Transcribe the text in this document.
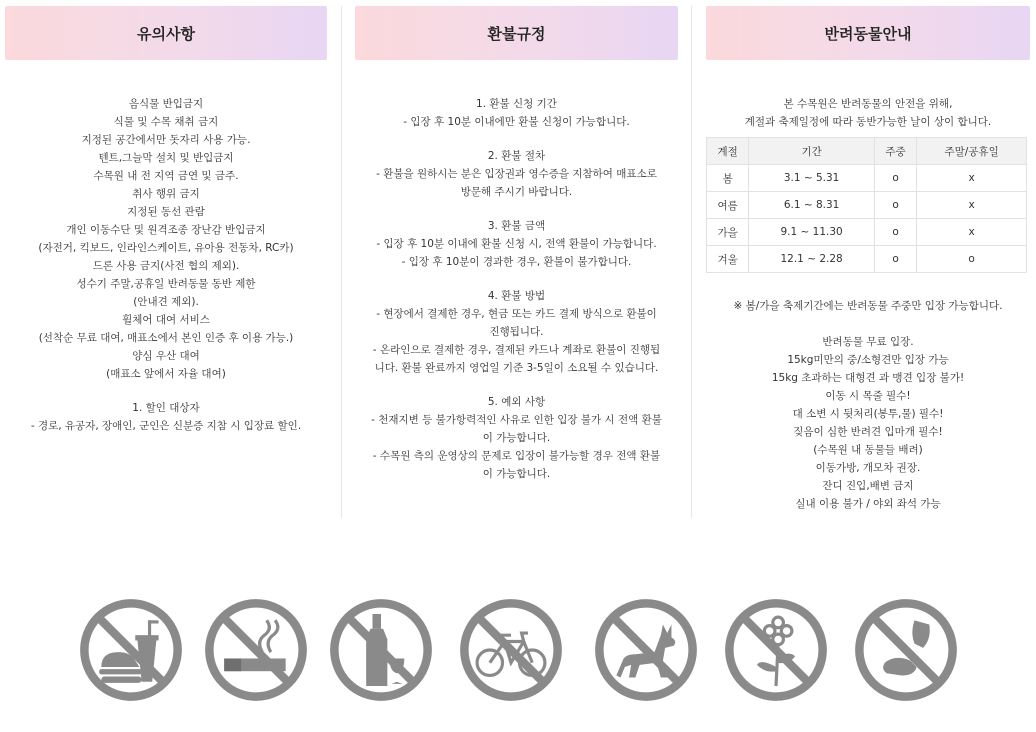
유의사항
음식물 반입금지
식물 및 수목 채취 금지
지정된 공간에서만 돗자리 사용 가능.
텐트,그늘막 설치 및 반입금지
수목원 내 전 지역 금연 및 금주.
취사 행위 금지
지정된 동선 관람
개인 이동수단 및 원격조종 장난감 반입금지
(자전거, 킥보드, 인라인스케이트, 유아용 전동차, RC카)
드론 사용 금지(사전 협의 제외).
성수기 주말,공휴일 반려동물 동반 제한
(안내견 제외).
휠체어 대여 서비스
(선착순 무료 대여, 매표소에서 본인 인증 후 이용 가능.)
양심 우산 대여
(매표소 앞에서 자율 대여)
1. 할인 대상자
- 경로, 유공자, 장애인, 군인은 신분증 지참 시 입장료 할인.
환불규정
1. 환불 신청 기간
- 입장 후 10분 이내에만 환불 신청이 가능합니다.
2. 환불 절차
- 환불을 원하시는 분은 입장권과 영수증을 지참하여 매표소로
방문해 주시기 바랍니다.
3. 환불 금액
- 입장 후 10분 이내에 환불 신청 시, 전액 환불이 가능합니다.
- 입장 후 10분이 경과한 경우, 환불이 불가합니다.
4. 환불 방법
- 현장에서 결제한 경우, 현금 또는 카드 결제 방식으로 환불이
진행됩니다.
- 온라인으로 결제한 경우, 결제된 카드나 계좌로 환불이 진행됩
니다. 환불 완료까지 영업일 기준 3-5일이 소요될 수 있습니다.
5. 예외 사항
- 천재지변 등 불가항력적인 사유로 인한 입장 불가 시 전액 환불
이 가능합니다.
- 수목원 측의 운영상의 문제로 입장이 불가능할 경우 전액 환불
이 가능합니다.
반려동물안내
본 수목원은 반려동물의 안전을 위해,
계절과 축제일정에 따라 동반가능한 날이 상이 합니다.
계절	기간	주중	주말/공휴일
봄	3.1 ~ 5.31	o	x
여름	6.1 ~ 8.31	o	x
가을	9.1 ~ 11.30	o	x
겨울	12.1 ~ 2.28	o	o
※ 봄/가을 축제기간에는 반려동물 주중만 입장 가능합니다.
반려동물 무료 입장.
15kg미만의 중/소형견만 입장 가능
15kg 초과하는 대형견 과 맹견 입장 불가!
이동 시 목줄 필수!
대 소변 시 뒷처리(봉투,물) 필수!
짖음이 심한 반려견 입마개 필수!
(수목원 내 동물들 배려)
이동가방, 개모차 권장.
잔디 진입,배변 금지
실내 이용 불가 / 야외 좌석 가능
